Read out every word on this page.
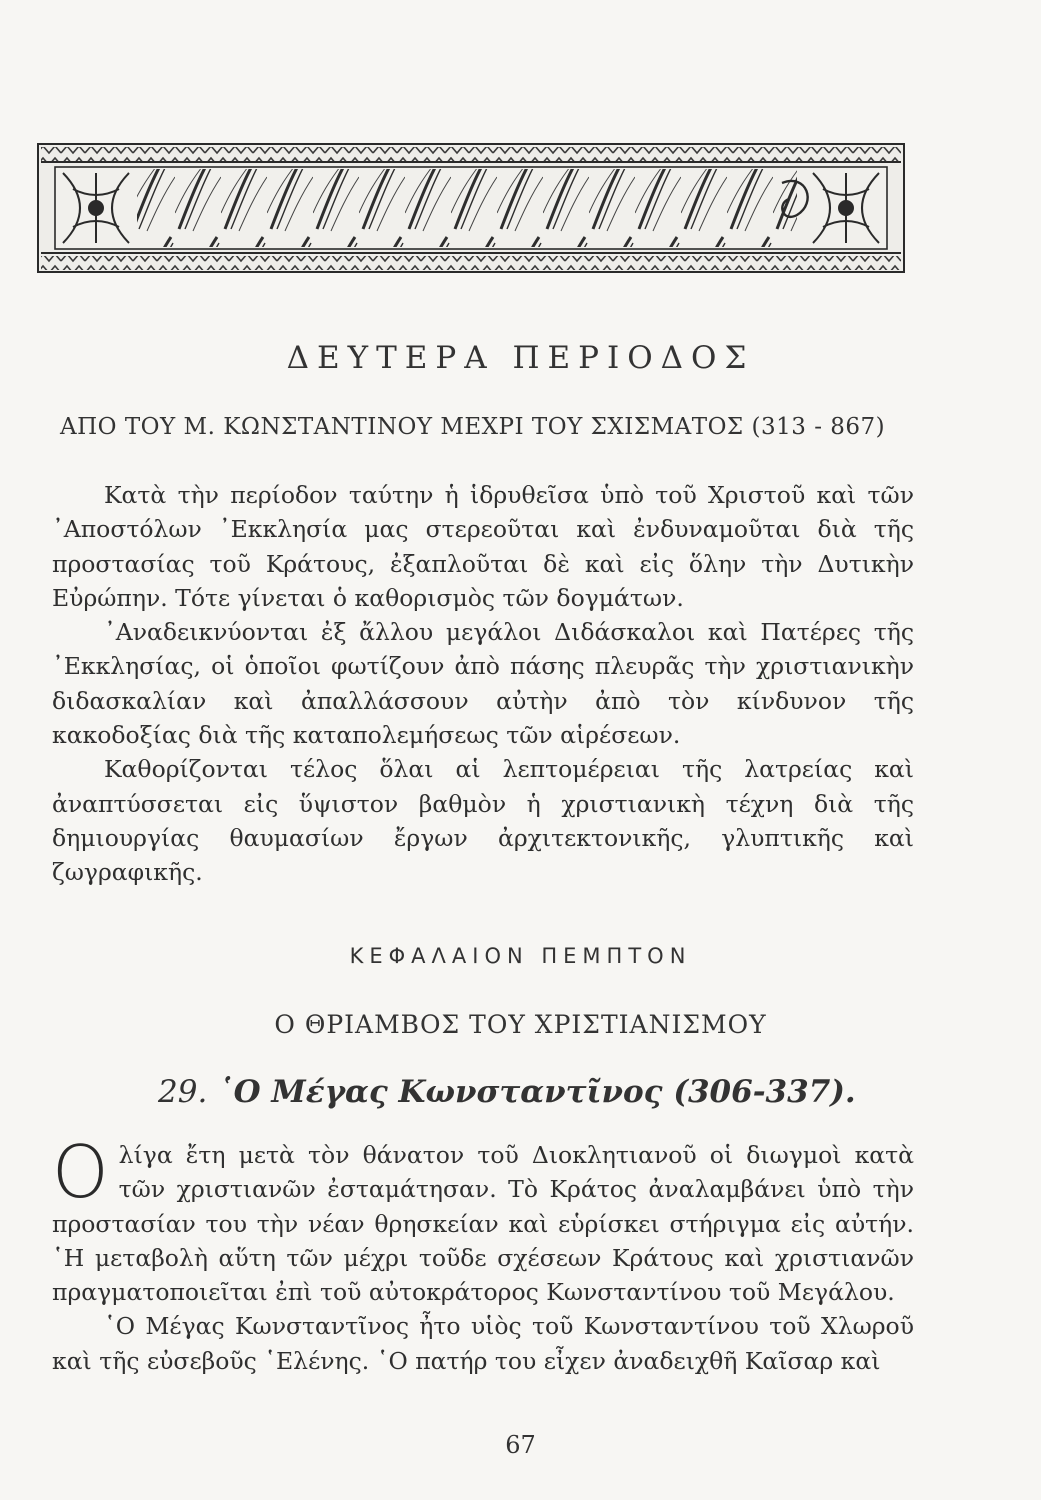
ΔΕΥΤΕΡΑ ΠΕΡΙΟΔΟΣ
ΑΠΟ ΤΟΥ Μ. ΚΩΝΣΤΑΝΤΙΝΟΥ ΜΕΧΡΙ ΤΟΥ ΣΧΙΣΜΑΤΟΣ (313 - 867)

Κατὰ τὴν περίοδον ταύτην ἡ ἱδρυθεῖσα ὑπὸ τοῦ Χριστοῦ καὶ τῶν ᾿Αποστόλων ᾿Εκκλησία μας στερεοῦται καὶ ἐνδυναμοῦται διὰ τῆς προστασίας τοῦ Κράτους, ἐξαπλοῦται δὲ καὶ εἰς ὅλην τὴν Δυτικὴν Εὐρώπην. Τότε γίνεται ὁ καθορισμὸς τῶν δογμάτων.

᾿Αναδεικνύονται ἐξ ἄλλου μεγάλοι Διδάσκαλοι καὶ Πατέρες τῆς ᾿Εκκλησίας, οἱ ὁποῖοι φωτίζουν ἀπὸ πάσης πλευρᾶς τὴν χριστιανικὴν διδασκαλίαν καὶ ἀπαλλάσσουν αὐτὴν ἀπὸ τὸν κίνδυνον τῆς κακοδοξίας διὰ τῆς καταπολεμήσεως τῶν αἱρέσεων.

Καθορίζονται τέλος ὅλαι αἱ λεπτομέρειαι τῆς λατρείας καὶ ἀναπτύσσεται εἰς ὕψιστον βαθμὸν ἡ χριστιανικὴ τέχνη διὰ τῆς δημιουργίας θαυμασίων ἔργων ἀρχιτεκτονικῆς, γλυπτικῆς καὶ ζωγραφικῆς.

ΚΕΦΑΛΑΙΟΝ ΠΕΜΠΤΟΝ
Ο ΘΡΙΑΜΒΟΣ ΤΟΥ ΧΡΙΣΤΙΑΝΙΣΜΟΥ
29. ῾Ο Μέγας Κωνσταντῖνος (306-337).

Ολίγα ἔτη μετὰ τὸν θάνατον τοῦ Διοκλητιανοῦ οἱ διωγμοὶ κατὰ τῶν χριστιανῶν ἐσταμάτησαν. Τὸ Κράτος ἀναλαμβάνει ὑπὸ τὴν προστασίαν του τὴν νέαν θρησκείαν καὶ εὑρίσκει στήριγμα εἰς αὐτήν. ῾Η μεταβολὴ αὕτη τῶν μέχρι τοῦδε σχέσεων Κράτους καὶ χριστιανῶν πραγματοποιεῖται ἐπὶ τοῦ αὐτοκράτορος Κωνσταντίνου τοῦ Μεγάλου.

῾Ο Μέγας Κωνσταντῖνος ἦτο υἱὸς τοῦ Κωνσταντίνου τοῦ Χλωροῦ καὶ τῆς εὐσεβοῦς ῾Ελένης. ῾Ο πατήρ του εἶχεν ἀναδειχθῆ Καῖσαρ καὶ

67
